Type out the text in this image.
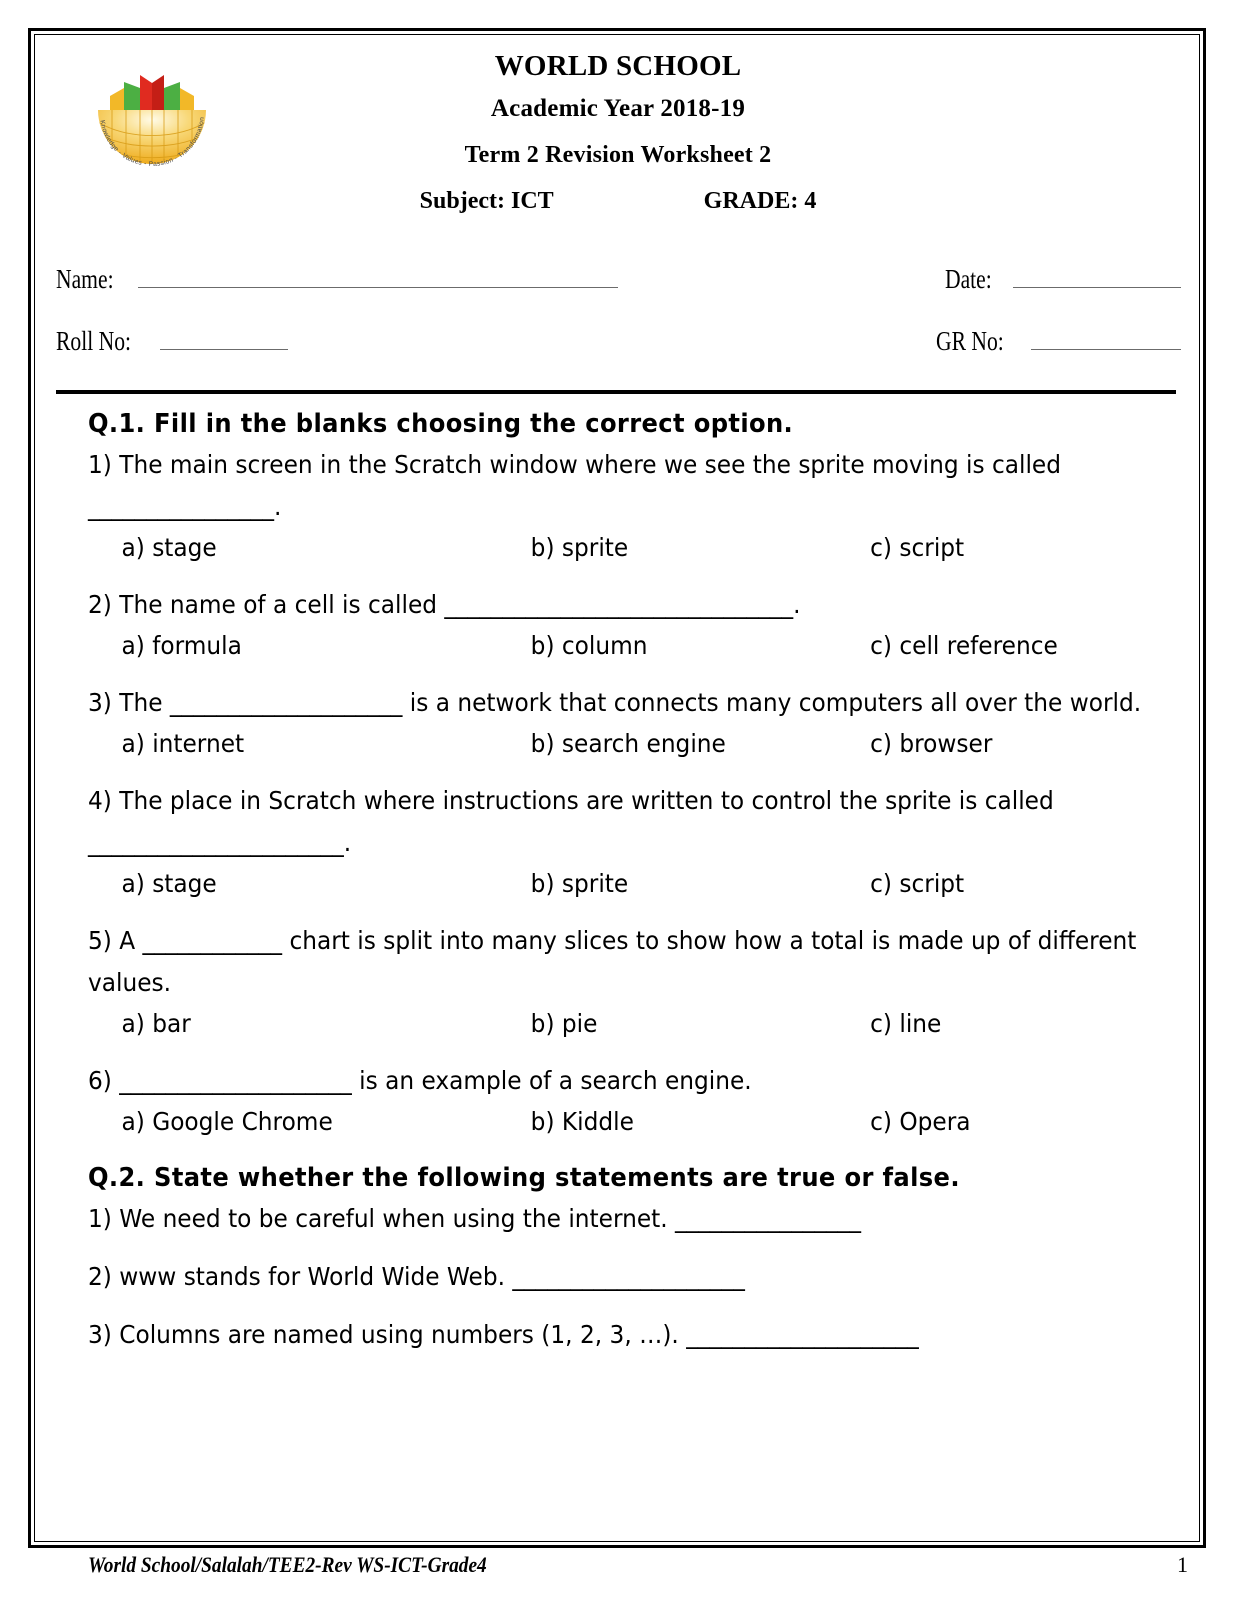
Knowledge - Values - Passion - Transformation
WORLD SCHOOL
Academic Year 2018-19
Term 2 Revision Worksheet 2
Subject: ICT	GRADE: 4
Name:	Date:
Roll No:	GR No:
Q.1. Fill in the blanks choosing the correct option.
1) The main screen in the Scratch window where we see the sprite moving is called ________________.
a) stage	b) sprite	c) script
2) The name of a cell is called ______________________________.
a) formula	b) column	c) cell reference
3) The ____________________ is a network that connects many computers all over the world.
a) internet	b) search engine	c) browser
4) The place in Scratch where instructions are written to control the sprite is called ______________________.
a) stage	b) sprite	c) script
5) A ____________ chart is split into many slices to show how a total is made up of different values.
a) bar	b) pie	c) line
6) ____________________ is an example of a search engine.
a) Google Chrome	b) Kiddle	c) Opera
Q.2. State whether the following statements are true or false.
1) We need to be careful when using the internet. ________________
2) www stands for World Wide Web. ____________________
3) Columns are named using numbers (1, 2, 3, …). ____________________
World School/Salalah/TEE2-Rev WS-ICT-Grade4	1
